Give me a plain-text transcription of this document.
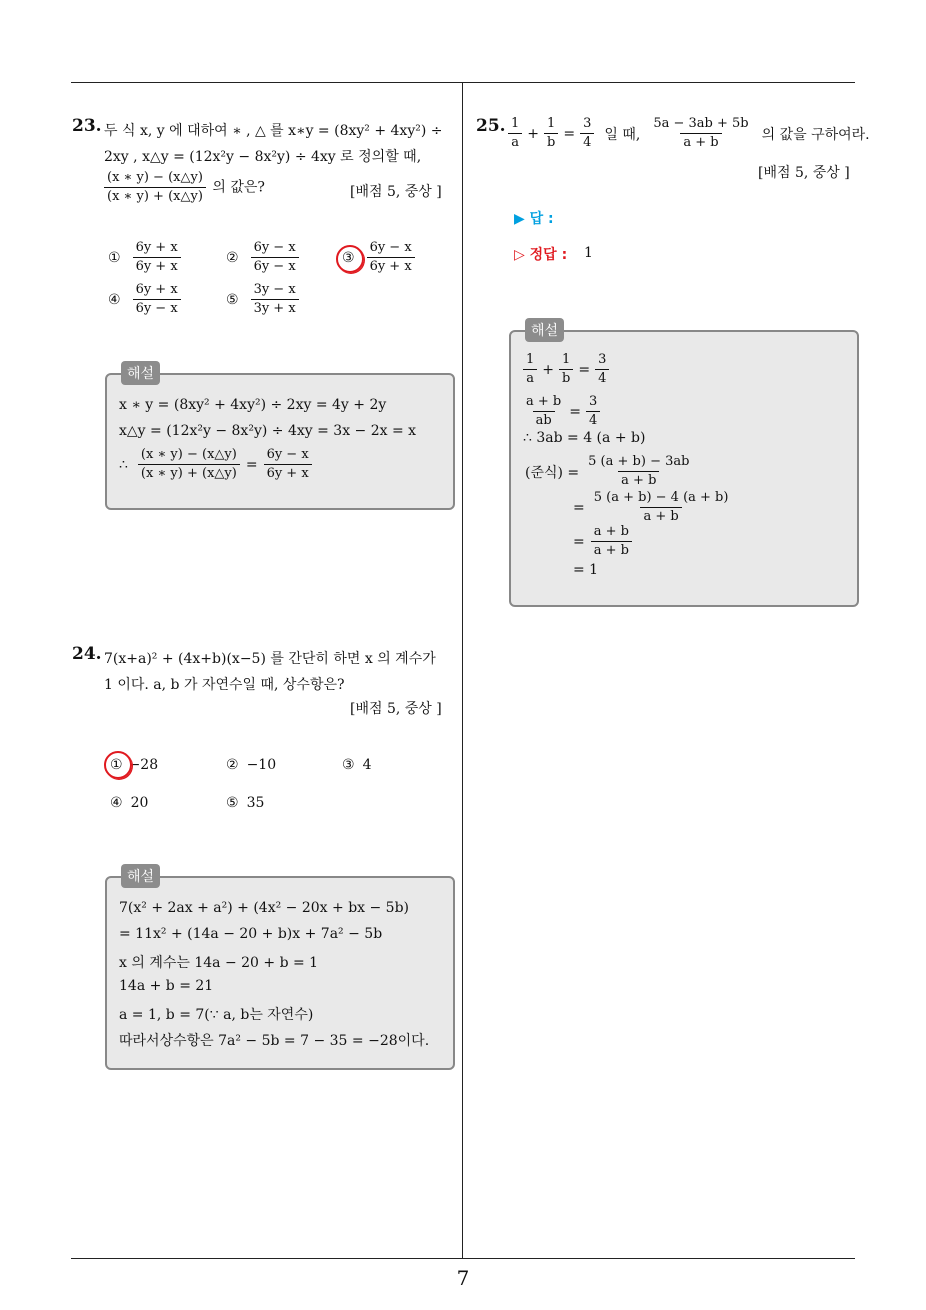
23. 두 식 x, y 에 대하여 ∗ , △ 를 x∗y = (8xy² + 4xy²) ÷
2xy , x△y = (12x²y − 8x²y) ÷ 4xy 로 정의할 때,
$\frac{(x ∗ y) - (x\triangle y)}{(x ∗ y) + (x\triangle y)}$ 의 값은?	[배점 5, 중상 ]
① $\frac{6y + x}{6y + x}$	② $\frac{6y - x}{6y - x}$	③ $\frac{6y - x}{6y + x}$
④ $\frac{6y + x}{6y - x}$	⑤ $\frac{3y - x}{3y + x}$
해설
x ∗ y = (8xy² + 4xy²) ÷ 2xy = 4y + 2y
x△y = (12x²y − 8x²y) ÷ 4xy = 3x − 2x = x
∴ $\frac{(x ∗ y) - (x\triangle y)}{(x ∗ y) + (x\triangle y)} = \frac{6y - x}{6y + x}$
24. 7(x+a)² + (4x+b)(x−5) 를 간단히 하면 x 의 계수가
1 이다. a, b 가 자연수일 때, 상수항은?
[배점 5, 중상 ]
① −28	② −10	③ 4
④ 20	⑤ 35
해설
7(x² + 2ax + a²) + (4x² − 20x + bx − 5b)
= 11x² + (14a − 20 + b)x + 7a² − 5b
x 의 계수는 14a − 20 + b = 1
14a + b = 21
a = 1, b = 7(∵ a, b는 자연수)
따라서상수항은 7a² − 5b = 7 − 35 = −28이다.
25. $\frac{1}{a} + \frac{1}{b} = \frac{3}{4}$ 일 때, $\frac{5a - 3ab + 5b}{a + b}$ 의 값을 구하여라.
[배점 5, 중상 ]
▶ 답 :
▷ 정답 : 1
해설
$\frac{1}{a} + \frac{1}{b} = \frac{3}{4}$
$\frac{a + b}{ab} = \frac{3}{4}$
∴ 3ab = 4 (a + b)
(준식) = $\frac{5 (a + b) - 3ab}{a + b}$
= $\frac{5 (a + b) - 4 (a + b)}{a + b}$
= $\frac{a + b}{a + b}$
= 1
7
